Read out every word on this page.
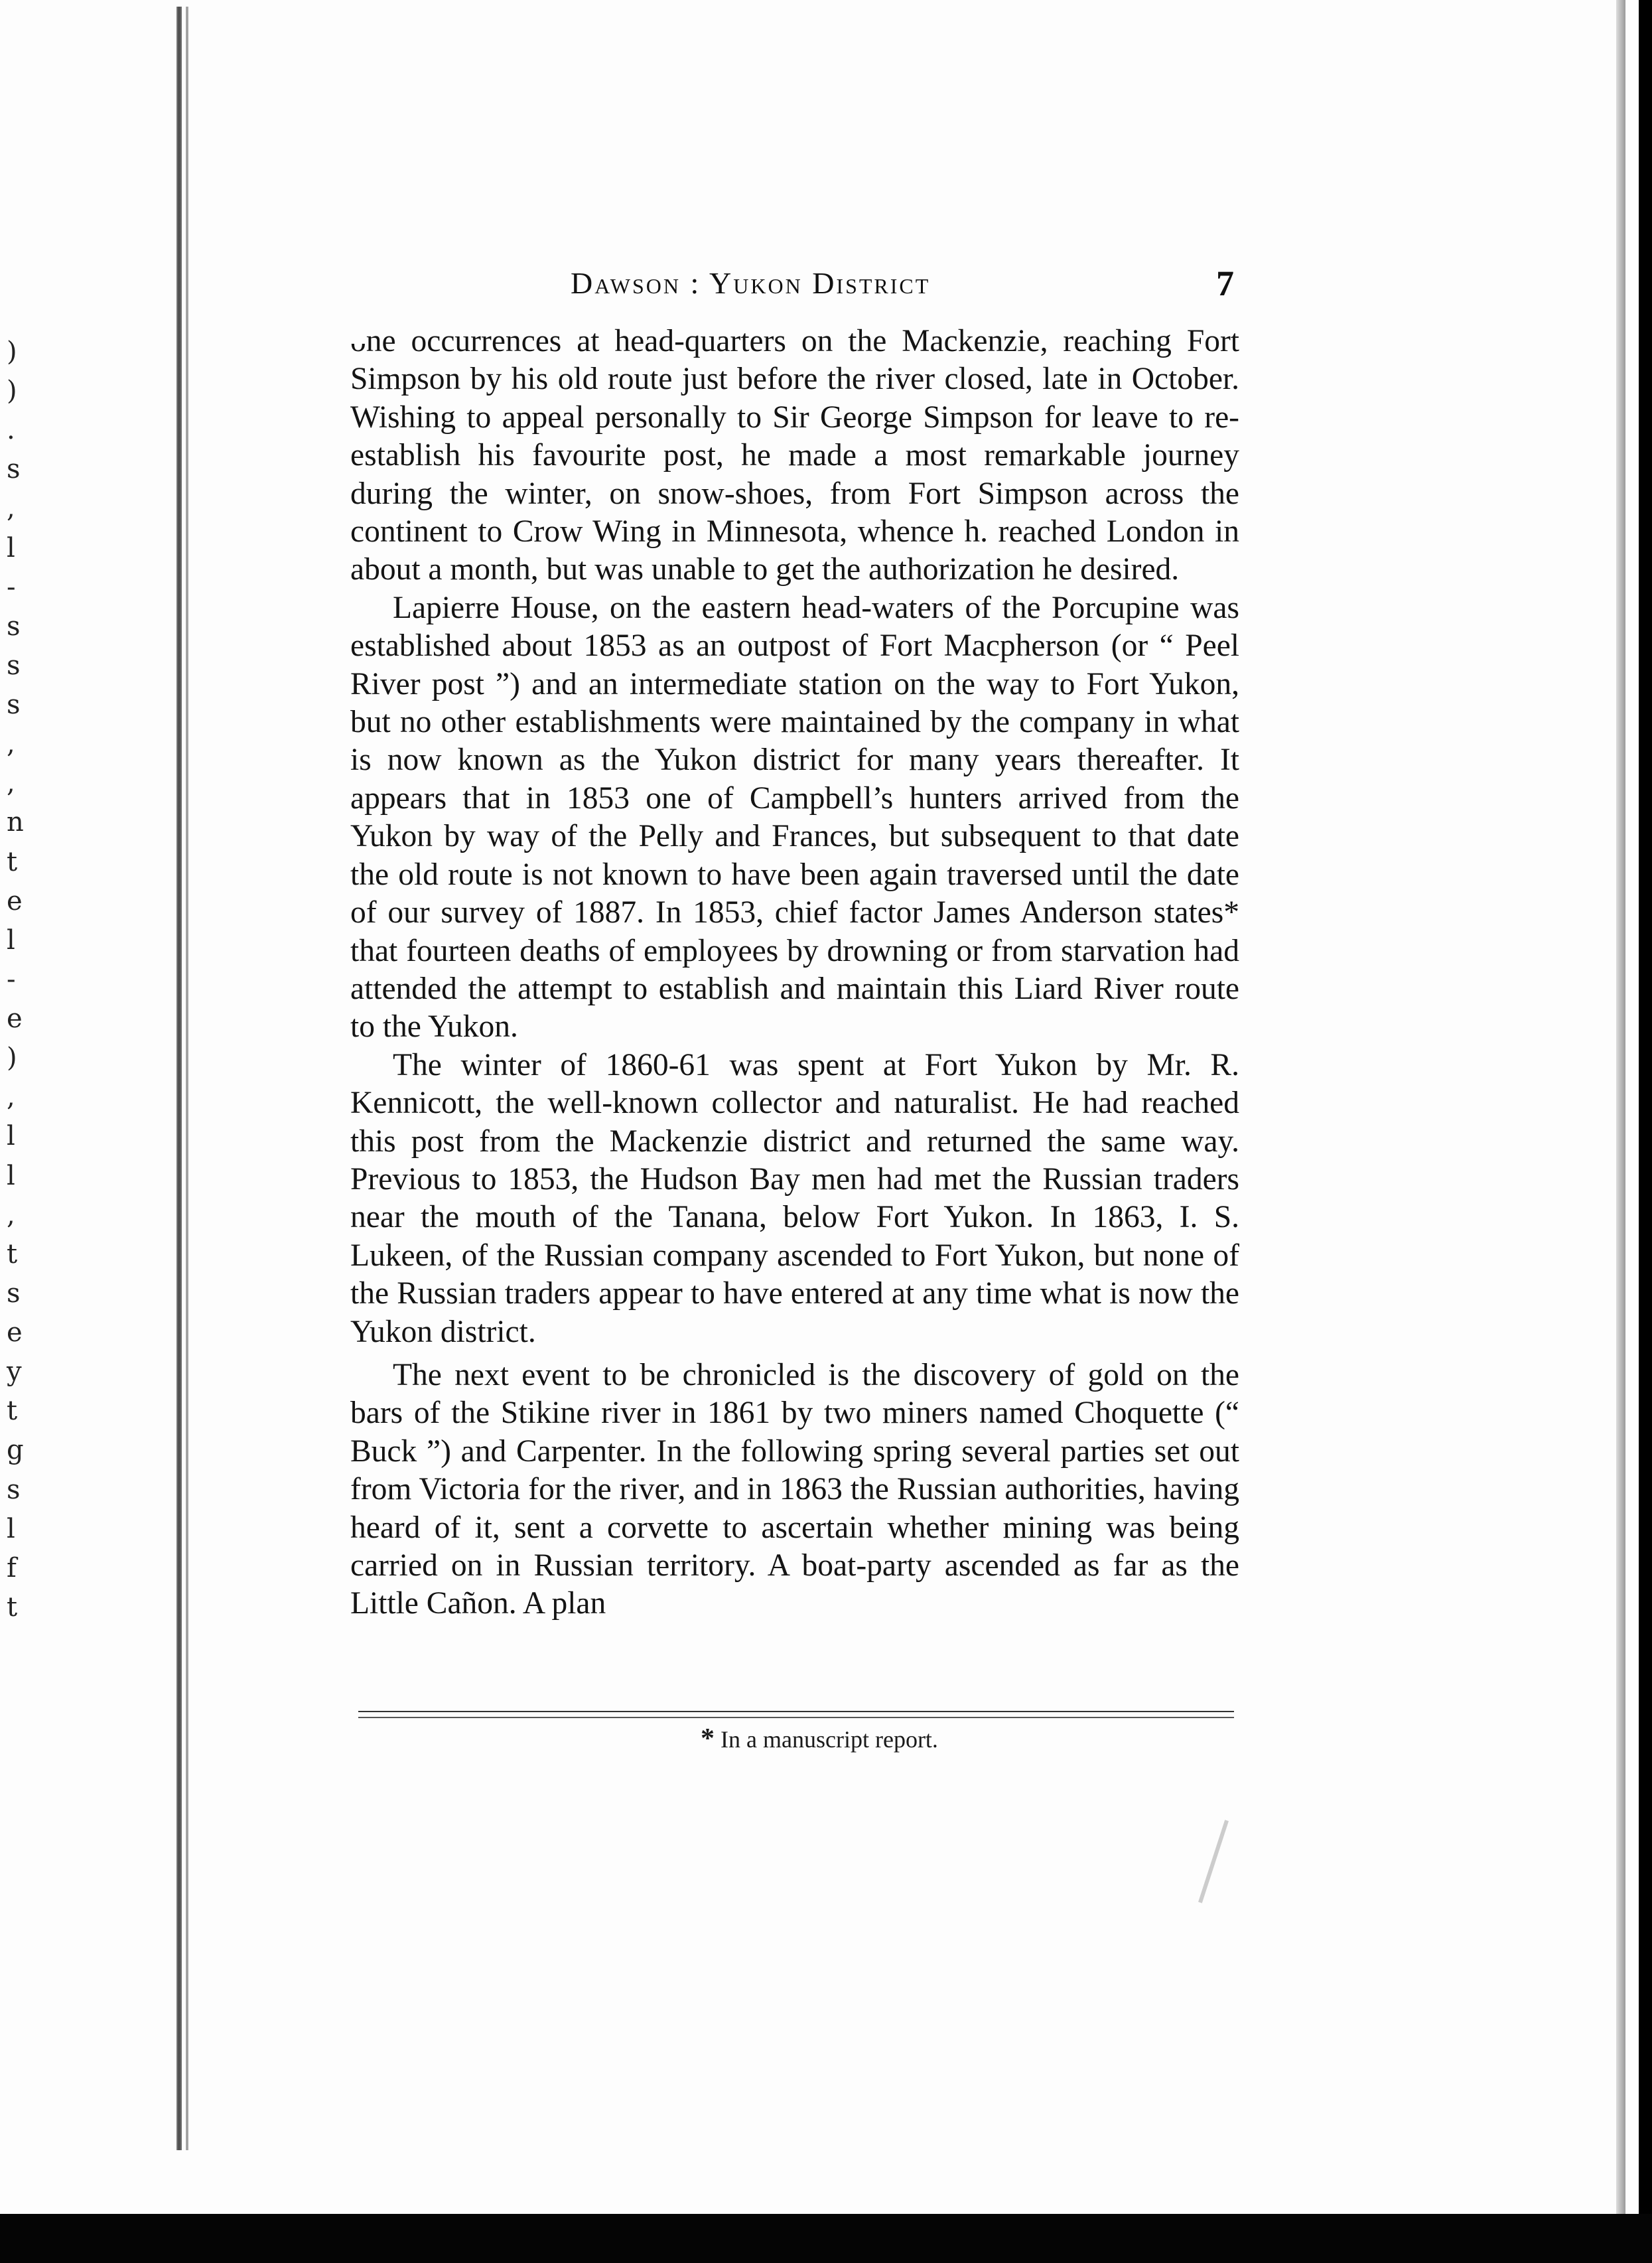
)
)
.
s
,
l
-
s
s
s
,
,
n
t
e
l
-
e
)
,
l
l
,
t
s
e
y
t
g
s
l
f
t
Dawson : Yukon District	7

ᴗne occurrences at head-quarters on the Mackenzie, reaching Fort Simpson by his old route just before the river closed, late in October. Wishing to appeal personally to Sir George Simpson for leave to re-establish his favourite post, he made a most remarkable journey during the winter, on snow-shoes, from Fort Simpson across the continent to Crow Wing in Minnesota, whence h. reached London in about a month, but was unable to get the authorization he desired.

Lapierre House, on the eastern head-waters of the Porcupine was established about 1853 as an outpost of Fort Macpherson (or “ Peel River post ”) and an intermediate station on the way to Fort Yukon, but no other establishments were maintained by the company in what is now known as the Yukon district for many years thereafter. It appears that in 1853 one of Campbell’s hunters arrived from the Yukon by way of the Pelly and Frances, but subsequent to that date the old route is not known to have been again traversed until the date of our survey of 1887. In 1853, chief factor James Anderson states* that fourteen deaths of employees by drowning or from starvation had attended the attempt to establish and maintain this Liard River route to the Yukon.

The winter of 1860-61 was spent at Fort Yukon by Mr. R. Kennicott, the well-known collector and naturalist. He had reached this post from the Mackenzie district and returned the same way. Previous to 1853, the Hudson Bay men had met the Russian traders near the mouth of the Tanana, below Fort Yukon. In 1863, I. S. Lukeen, of the Russian company ascended to Fort Yukon, but none of the Russian traders appear to have entered at any time what is now the Yukon district.

The next event to be chronicled is the discovery of gold on the bars of the Stikine river in 1861 by two miners named Choquette (“ Buck ”) and Carpenter. In the following spring several parties set out from Victoria for the river, and in 1863 the Russian authorities, having heard of it, sent a corvette to ascertain whether mining was being carried on in Russian territory. A boat-party ascended as far as the Little Cañon. A plan

* In a manuscript report.
